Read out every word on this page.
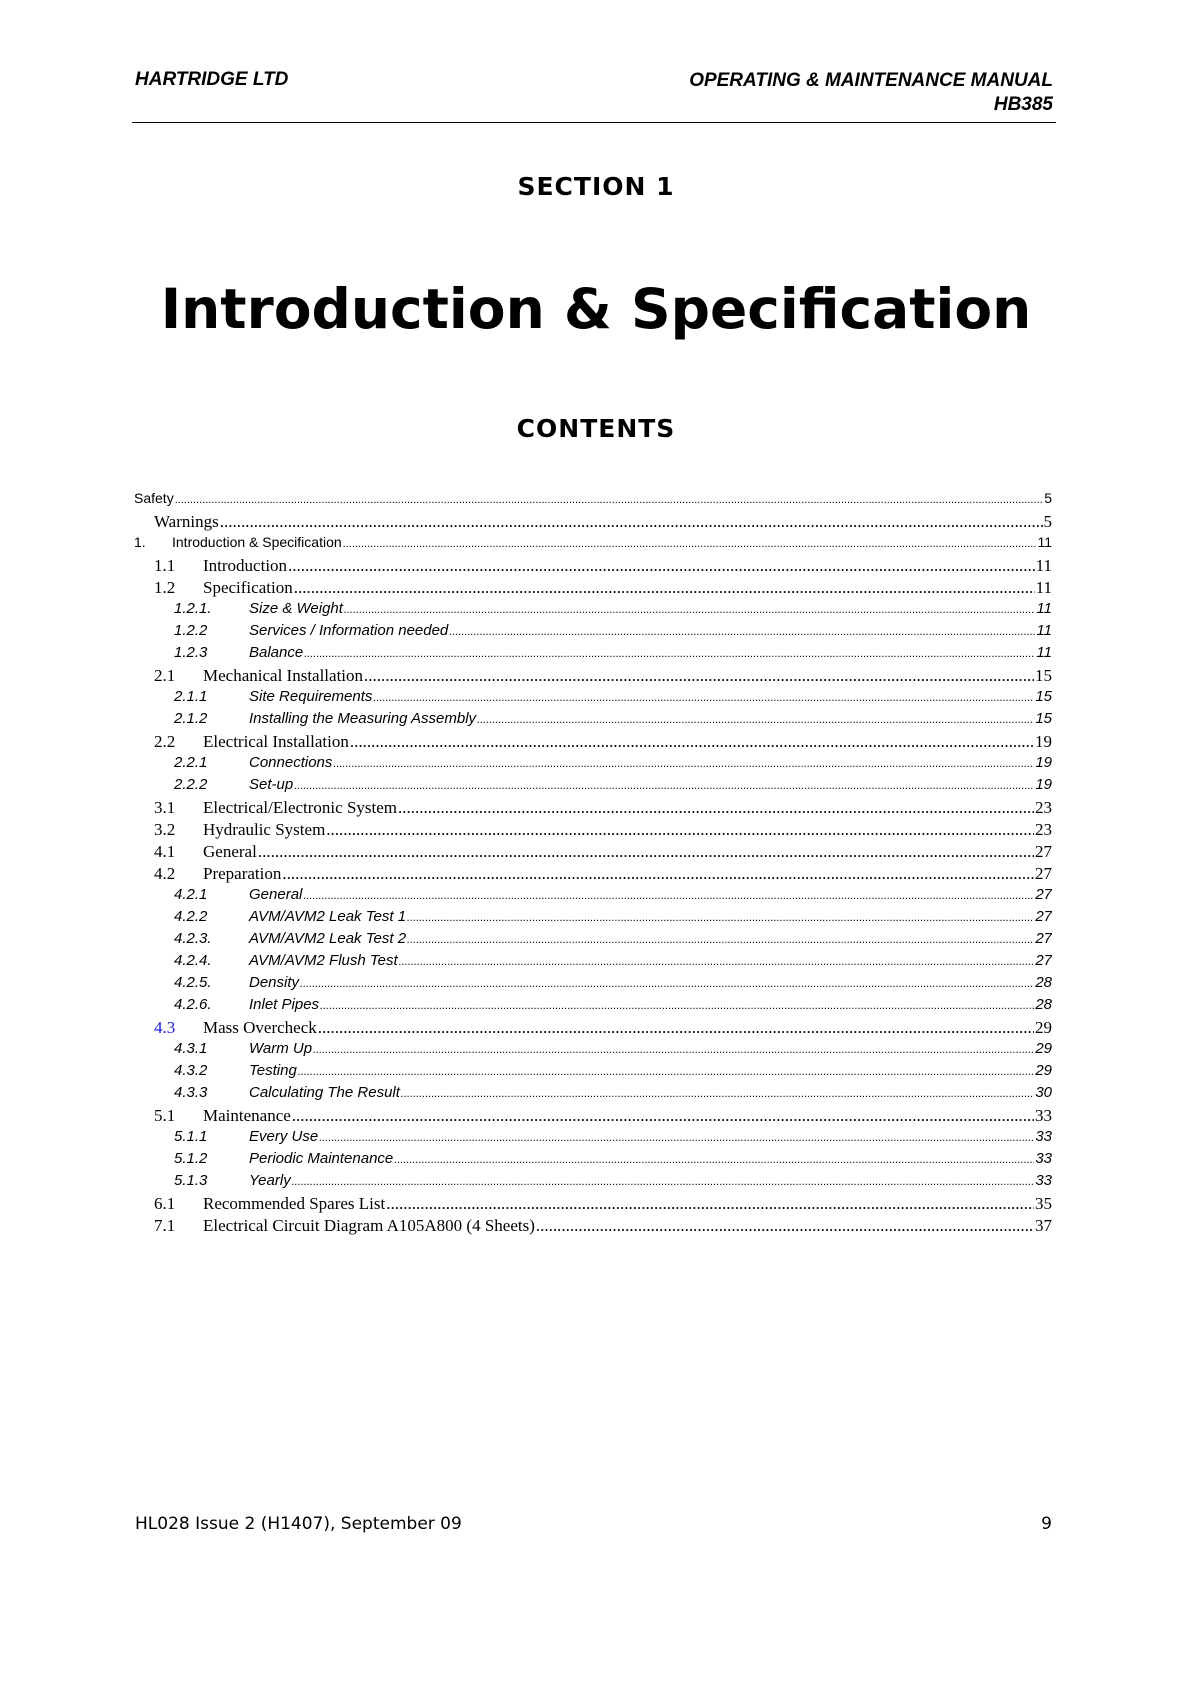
HARTRIDGE LTD	OPERATING & MAINTENANCE MANUAL
HB385
SECTION 1
Introduction & Specification
CONTENTS
Safety .....	5
Warnings .....	5
1.	Introduction & Specification .....	11
1.1	Introduction .....	11
1.2	Specification .....	11
1.2.1.	Size & Weight .....	11
1.2.2	Services / Information needed .....	11
1.2.3	Balance .....	11
2.1	Mechanical Installation .....	15
2.1.1	Site Requirements .....	15
2.1.2	Installing the Measuring Assembly .....	15
2.2	Electrical Installation .....	19
2.2.1	Connections .....	19
2.2.2	Set-up .....	19
3.1	Electrical/Electronic System .....	23
3.2	Hydraulic System .....	23
4.1	General .....	27
4.2	Preparation .....	27
4.2.1	General .....	27
4.2.2	AVM/AVM2 Leak Test 1 .....	27
4.2.3.	AVM/AVM2 Leak Test 2 .....	27
4.2.4.	AVM/AVM2 Flush Test .....	27
4.2.5.	Density .....	28
4.2.6.	Inlet Pipes .....	28
4.3	Mass Overcheck .....	29
4.3.1	Warm Up .....	29
4.3.2	Testing .....	29
4.3.3	Calculating The Result .....	30
5.1	Maintenance .....	33
5.1.1	Every Use .....	33
5.1.2	Periodic Maintenance .....	33
5.1.3	Yearly .....	33
6.1	Recommended Spares List .....	35
7.1	Electrical Circuit Diagram A105A800 (4 Sheets) .....	37
HL028 Issue 2 (H1407), September 09	9
